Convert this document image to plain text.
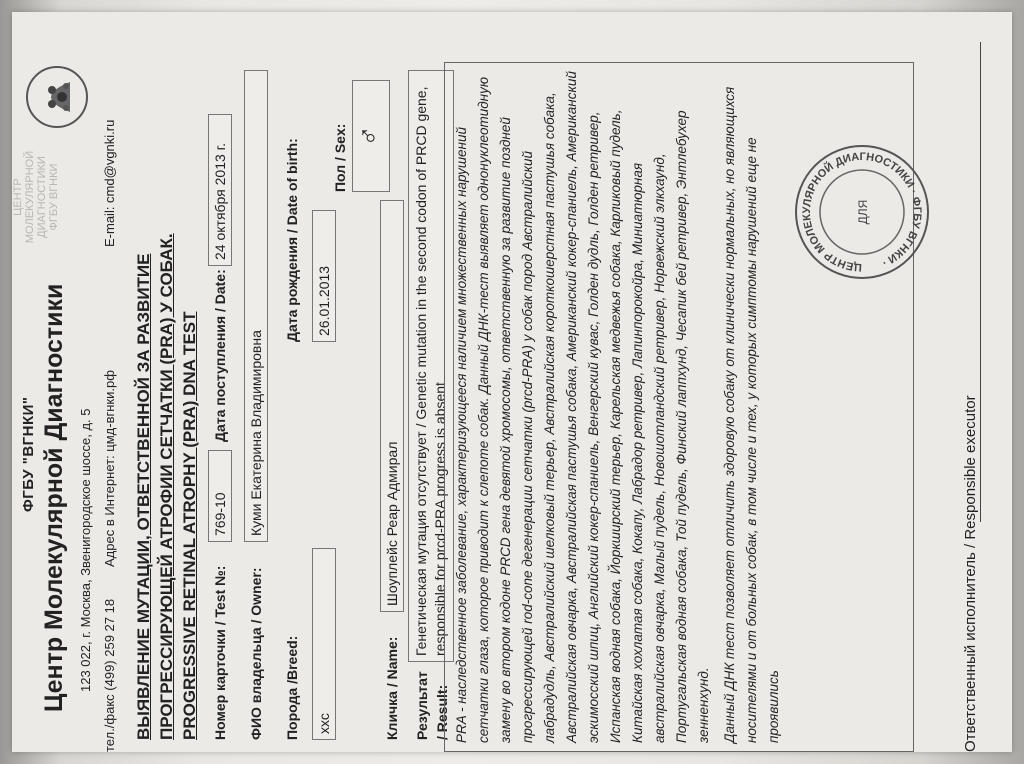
ЦЕНТР МОЛЕКУЛЯРНОЙ ДИАГНОСТИКИ ФГБУ ВГНКИ
ФГБУ "ВГНКИ" Центр Молекулярной Диагностики 123 022, г. Москва, Звенигородское шоссе, д. 5 тел./факс (499) 259 27 18
Адрес в Интернет: цмд-вгнки.рф
E-mail: cmd@vgnki.ru
ВЫЯВЛЕНИЕ МУТАЦИИ, ОТВЕТСТВЕННОЙ ЗА РАЗВИТИЕ ПРОГРЕССИРУЮЩЕЙ АТРОФИИ СЕТЧАТКИ (PRA) У СОБАК. PROGRESSIVE RETINAL ATROPHY (PRA) DNA TEST Номер карточки / Test №:
769-10
Дата поступления / Date:
24 октября 2013 г.
ФИО владельца / Owner:
Куми Екатерина Владимировна
Порода /Breed:
Дата рождения / Date of birth:
ххс
26.01.2013
Пол / Sex: ♂
Кличка / Name:
Шоуплейс Реар Адмирал
Результат / Result:
Генетическая мутация отсутствует / Genetic mutation in the second codon of PRCD gene, responsible for prcd-PRA progress is absent PRA - наследственное заболевание, характеризующееся наличием множественных нарушений сетчатки глаза, которое приводит к слепоте собак. Данный ДНК-тест выявляет однонуклеотидную замену во втором кодоне PRCD гена девятой хромосомы, ответственную за развитие поздней прогрессирующей rod-cone дегенерации сетчатки (prcd-PRA) у собак пород Австралийский лабрадудль, Австралийский шелковый терьер, Австралийская короткошерстная пастушья собака, Австралийская овчарка, Австралийская пастушья собака, Американский кокер-спаниель, Американский эскимосский шпиц, Английский кокер-спаниель, Венгерский кувас, Голден дудль, Голден ретривер, Испанская водная собака, Йоркширский терьер, Карельская медвежья собака, Карликовый пудель, Китайская хохлатая собака, Кокапу, Лабрадор ретривер, Лапинпорокойра, Миниатюрная австралийская овчарка, Малый пудель, Новошотландский ретривер, Норвежский элкхаунд, Португальская водная собака, Той пудель, Финский лаппхунд, Чесапик бей ретривер, Энтлебухер зенненхунд. Данный ДНК тест позволяет отличить здоровую собаку от клинически нормальных, но являющихся носителями и от больных собак, в том числе и тех, у которых симптомы нарушений еще не проявились

ЦЕНТР МОЛЕКУЛЯРНОЙ ДИАГНОСТИКИ · ФГБУ ВГНКИ ·
ДЛЯ
Ответственный исполнитель / Responsible executor
